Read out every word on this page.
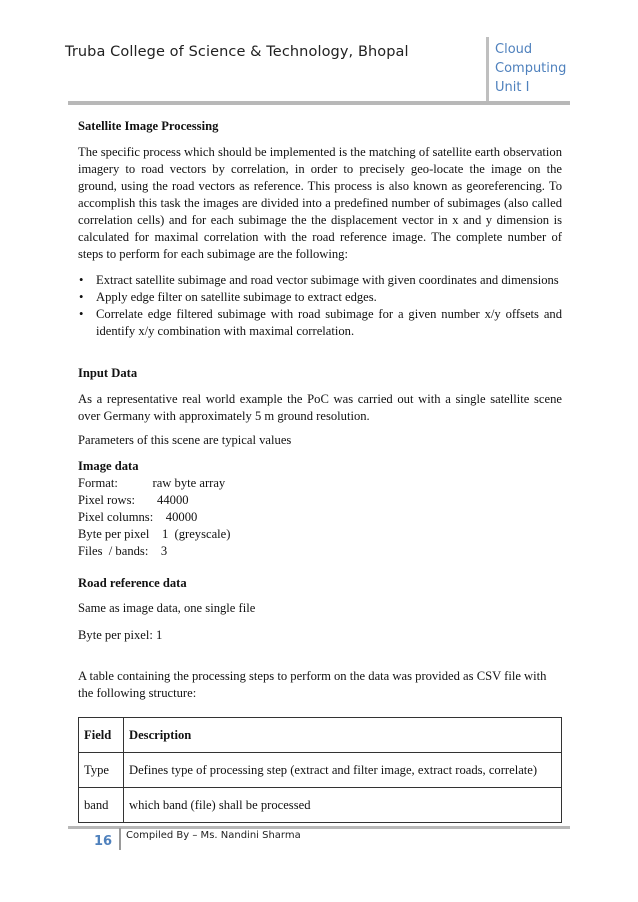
Truba College of Science & Technology, Bhopal	Cloud
Computing
Unit I

Satellite Image Processing

The specific process which should be implemented is the matching of satellite earth observation imagery to road vectors by correlation, in order to precisely geo-locate the image on the ground, using the road vectors as reference. This process is also known as georeferencing. To accomplish this task the images are divided into a predefined number of subimages (also called correlation cells) and for each subimage the the displacement vector in x and y dimension is calculated for maximal correlation with the road reference image. The complete number of steps to perform for each subimage are the following:

• Extract satellite subimage and road vector subimage with given coordinates and dimensions
• Apply edge filter on satellite subimage to extract edges.
• Correlate edge filtered subimage with road subimage for a given number x/y offsets and identify x/y combination with maximal correlation.

Input Data

As a representative real world example the PoC was carried out with a single satellite scene over Germany with approximately 5 m ground resolution.

Parameters of this scene are typical values

Image data

Format:           raw byte array
Pixel rows:       44000
Pixel columns:    40000
Byte per pixel    1  (greyscale)
Files  / bands:    3

Road reference data

Same as image data, one single file

Byte per pixel: 1

A table containing the processing steps to perform on the data was provided as CSV file with the following structure:

Field	Description
Type	Defines type of processing step (extract and filter image, extract roads, correlate)
band	which band (file) shall be processed
16 Compiled By – Ms. Nandini Sharma
